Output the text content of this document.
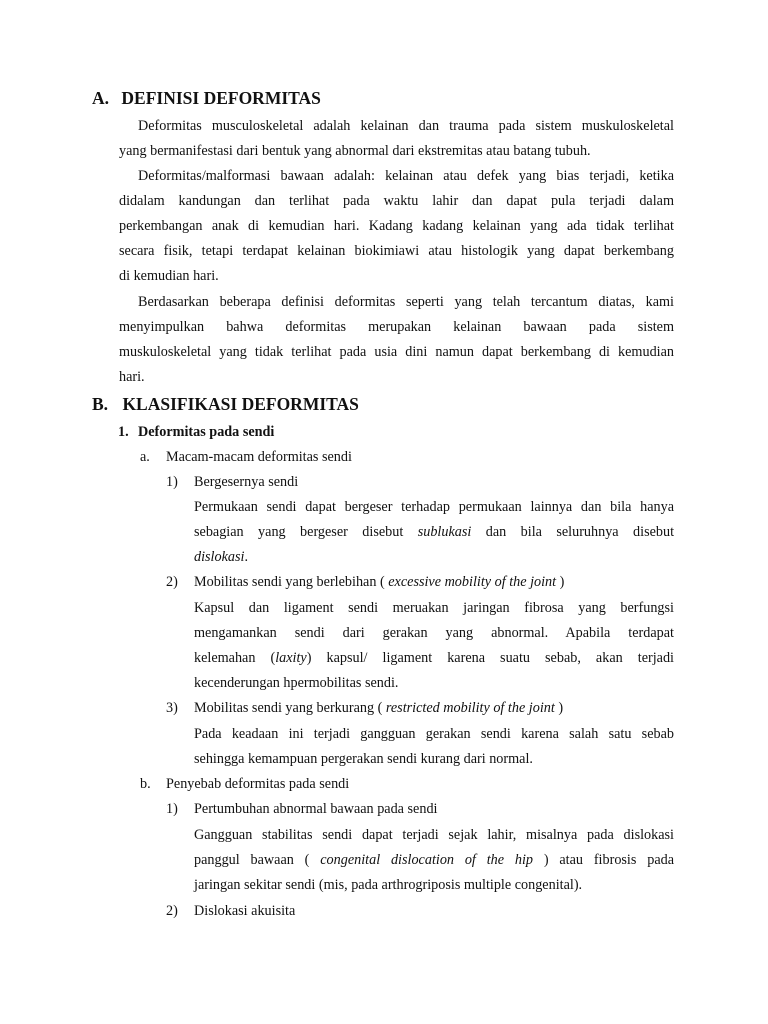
A. DEFINISI DEFORMITAS
Deformitas musculoskeletal adalah kelainan dan trauma pada sistem muskuloskeletal
yang bermanifestasi dari bentuk yang abnormal dari ekstremitas atau batang tubuh.
Deformitas/malformasi bawaan adalah: kelainan atau defek yang bias terjadi, ketika
didalam kandungan dan terlihat pada waktu lahir dan dapat pula terjadi dalam
perkembangan anak di kemudian hari. Kadang kadang kelainan yang ada tidak terlihat
secara fisik, tetapi terdapat kelainan biokimiawi atau histologik yang dapat berkembang
di kemudian hari.
Berdasarkan beberapa definisi deformitas seperti yang telah tercantum diatas, kami
menyimpulkan bahwa deformitas merupakan kelainan bawaan pada sistem
muskuloskeletal yang tidak terlihat pada usia dini namun dapat berkembang di kemudian
hari.
B. KLASIFIKASI DEFORMITAS
1. Deformitas pada sendi
a. Macam-macam deformitas sendi
1) Bergesernya sendi
Permukaan sendi dapat bergeser terhadap permukaan lainnya dan bila hanya
sebagian yang bergeser disebut sublukasi dan bila seluruhnya disebut
dislokasi.
2) Mobilitas sendi yang berlebihan ( excessive mobility of the joint )
Kapsul dan ligament sendi meruakan jaringan fibrosa yang berfungsi
mengamankan sendi dari gerakan yang abnormal. Apabila terdapat
kelemahan (laxity) kapsul/ ligament karena suatu sebab, akan terjadi
kecenderungan hpermobilitas sendi.
3) Mobilitas sendi yang berkurang ( restricted mobility of the joint )
Pada keadaan ini terjadi gangguan gerakan sendi karena salah satu sebab
sehingga kemampuan pergerakan sendi kurang dari normal.
b. Penyebab deformitas pada sendi
1) Pertumbuhan abnormal bawaan pada sendi
Gangguan stabilitas sendi dapat terjadi sejak lahir, misalnya pada dislokasi
panggul bawaan ( congenital dislocation of the hip ) atau fibrosis pada
jaringan sekitar sendi (mis, pada arthrogriposis multiple congenital).
2) Dislokasi akuisita
